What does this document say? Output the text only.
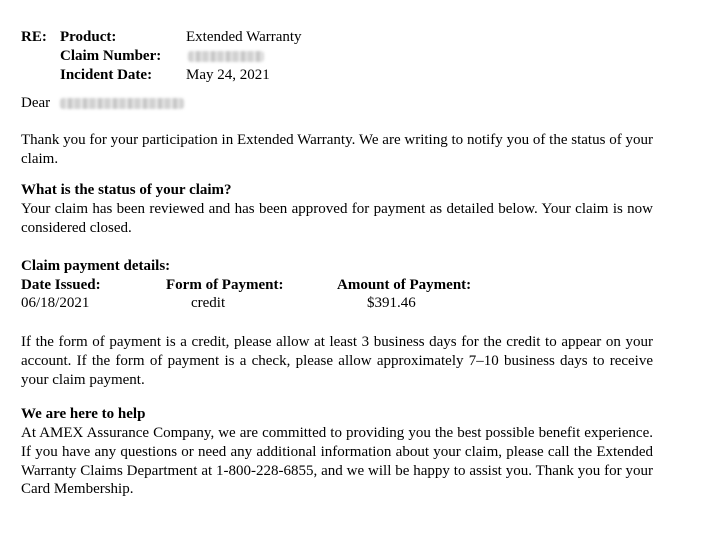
RE: Product:	Extended Warranty
Claim Number:
Incident Date: May 24, 2021
Dear
Thank you for your participation in Extended Warranty. We are writing to notify you of the status of your claim.
What is the status of your claim?
Your claim has been reviewed and has been approved for payment as detailed below. Your claim is now considered closed.
Claim payment details:
Date Issued:	Form of Payment:	Amount of Payment:
06/18/2021	credit	$391.46
If the form of payment is a credit, please allow at least 3 business days for the credit to appear on your account. If the form of payment is a check, please allow approximately 7–10 business days to receive your claim payment.
We are here to help
At AMEX Assurance Company, we are committed to providing you the best possible benefit experience. If you have any questions or need any additional information about your claim, please call the Extended Warranty Claims Department at 1-800-228-6855, and we will be happy to assist you. Thank you for your Card Membership.
